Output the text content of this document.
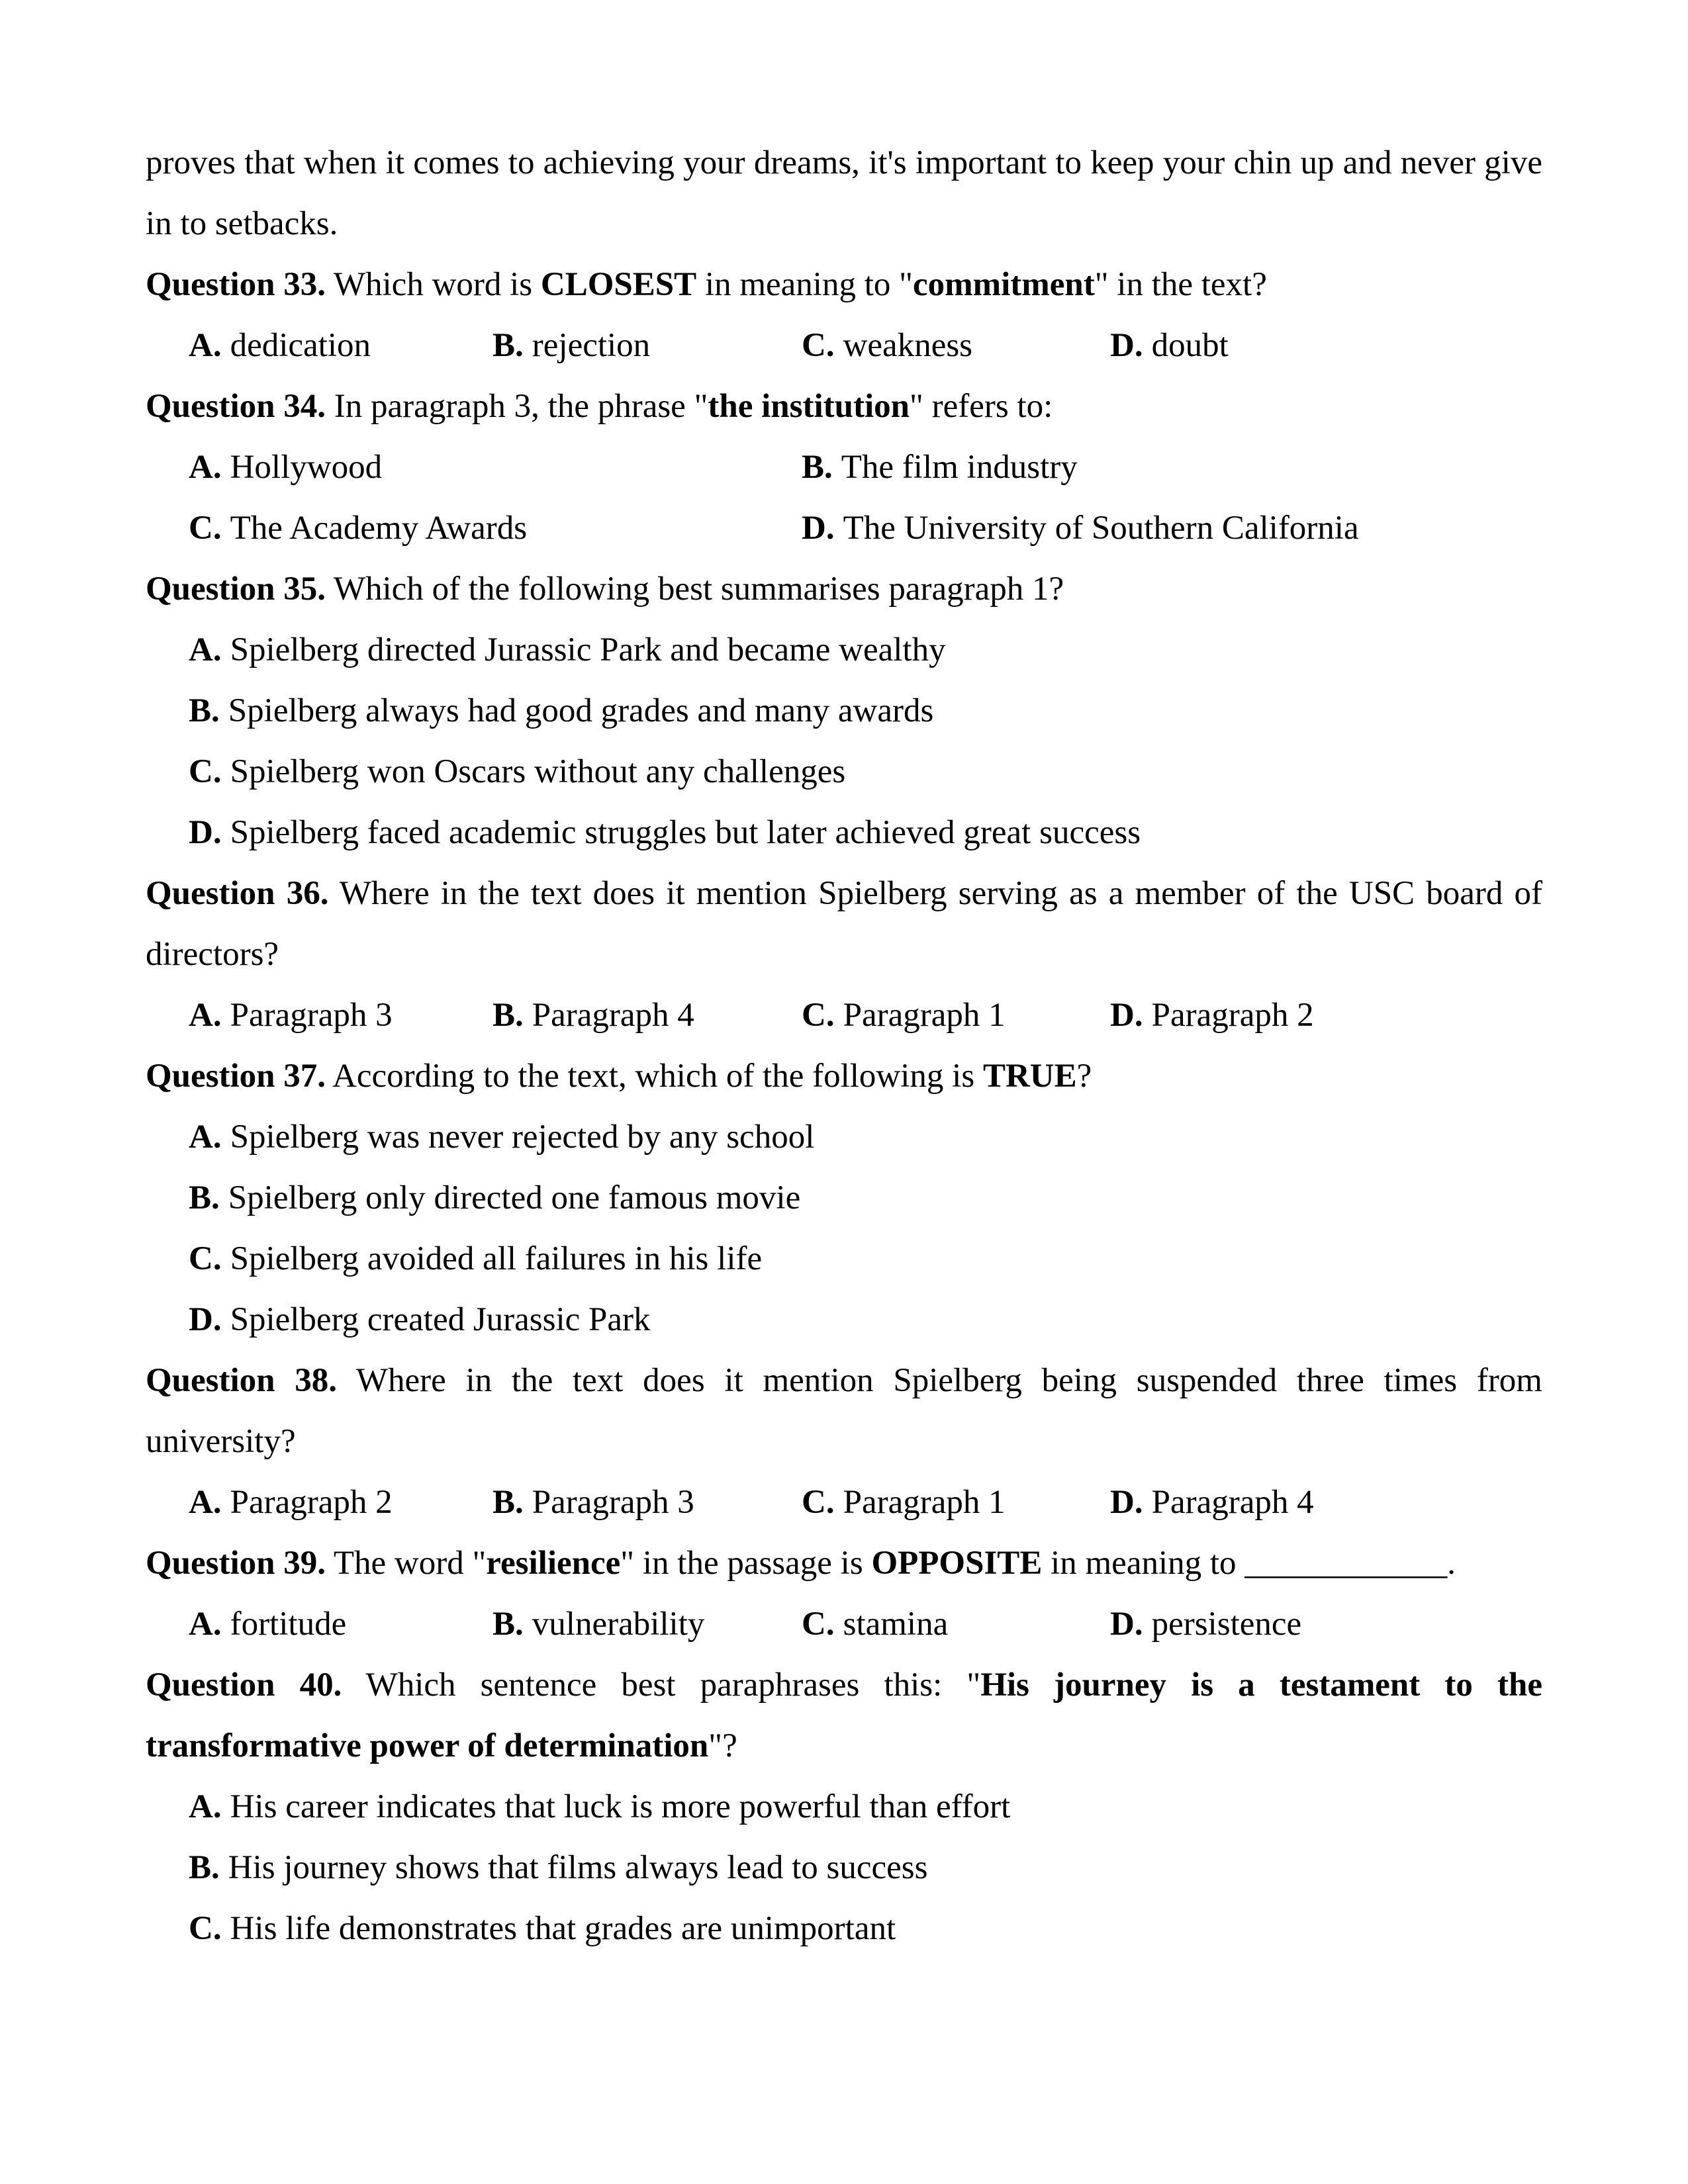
proves that when it comes to achieving your dreams, it's important to keep your chin up and never give in to setbacks.

Question 33. Which word is CLOSEST in meaning to "commitment" in the text?

A. dedication	B. rejection	C. weakness	D. doubt

Question 34. In paragraph 3, the phrase "the institution" refers to:

A. Hollywood	B. The film industry
C. The Academy Awards	D. The University of Southern California

Question 35. Which of the following best summarises paragraph 1?

A. Spielberg directed Jurassic Park and became wealthy

B. Spielberg always had good grades and many awards

C. Spielberg won Oscars without any challenges

D. Spielberg faced academic struggles but later achieved great success

Question 36. Where in the text does it mention Spielberg serving as a member of the USC board of directors?

A. Paragraph 3	B. Paragraph 4	C. Paragraph 1	D. Paragraph 2

Question 37. According to the text, which of the following is TRUE?

A. Spielberg was never rejected by any school

B. Spielberg only directed one famous movie

C. Spielberg avoided all failures in his life

D. Spielberg created Jurassic Park

Question 38. Where in the text does it mention Spielberg being suspended three times from university?

A. Paragraph 2	B. Paragraph 3	C. Paragraph 1	D. Paragraph 4

Question 39. The word "resilience" in the passage is OPPOSITE in meaning to ____________.

A. fortitude	B. vulnerability	C. stamina	D. persistence

Question 40. Which sentence best paraphrases this: "His journey is a testament to the transformative power of determination"?

A. His career indicates that luck is more powerful than effort

B. His journey shows that films always lead to success

C. His life demonstrates that grades are unimportant
